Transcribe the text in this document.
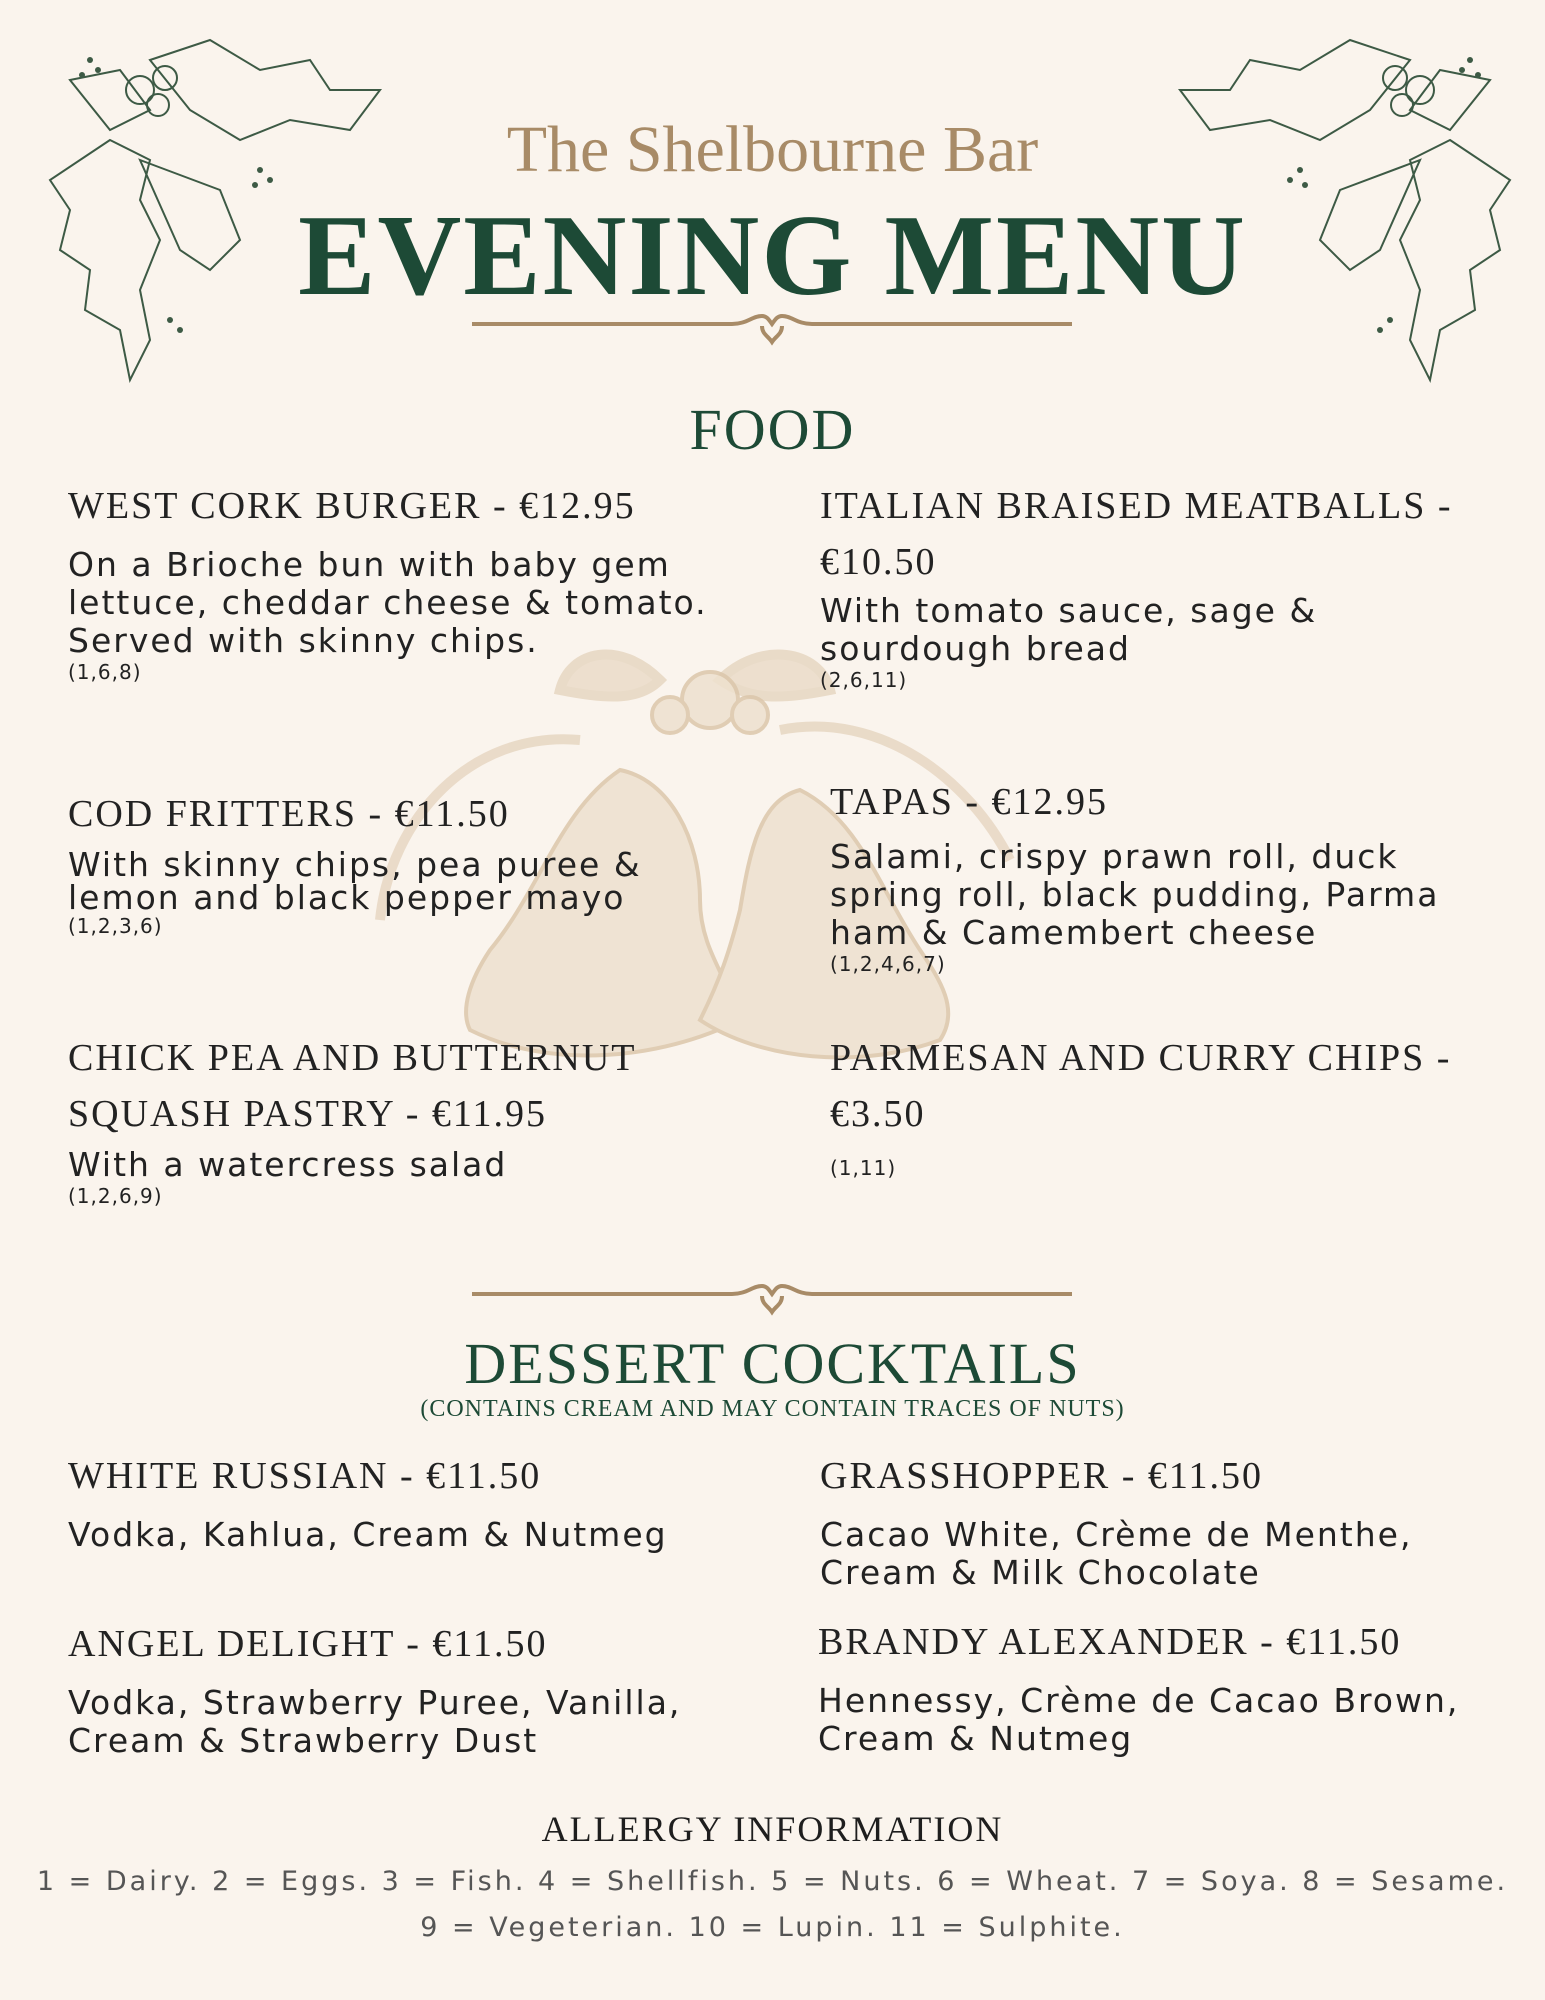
The Shelbourne Bar
EVENING MENU
FOOD
WEST CORK BURGER - €12.95
On a Brioche bun with baby gem lettuce, cheddar cheese & tomato. Served with skinny chips.
(1,6,8)
COD FRITTERS - €11.50
With skinny chips, pea puree & lemon and black pepper mayo
(1,2,3,6)
CHICK PEA AND BUTTERNUT SQUASH PASTRY - €11.95
With a watercress salad
(1,2,6,9)
ITALIAN BRAISED MEATBALLS - €10.50
With tomato sauce, sage & sourdough bread
(2,6,11)
TAPAS - €12.95
Salami, crispy prawn roll, duck spring roll, black pudding, Parma ham & Camembert cheese
(1,2,4,6,7)
PARMESAN AND CURRY CHIPS - €3.50
(1,11)
DESSERT COCKTAILS
(CONTAINS CREAM AND MAY CONTAIN TRACES OF NUTS)
WHITE RUSSIAN - €11.50
Vodka, Kahlua, Cream & Nutmeg
GRASSHOPPER - €11.50
Cacao White, Crème de Menthe, Cream & Milk Chocolate
ANGEL DELIGHT - €11.50
Vodka, Strawberry Puree, Vanilla, Cream & Strawberry Dust
BRANDY ALEXANDER - €11.50
Hennessy, Crème de Cacao Brown, Cream & Nutmeg
ALLERGY INFORMATION
1 = Dairy. 2 = Eggs. 3 = Fish. 4 = Shellfish. 5 = Nuts. 6 = Wheat. 7 = Soya. 8 = Sesame.
9 = Vegeterian. 10 = Lupin. 11 = Sulphite.
